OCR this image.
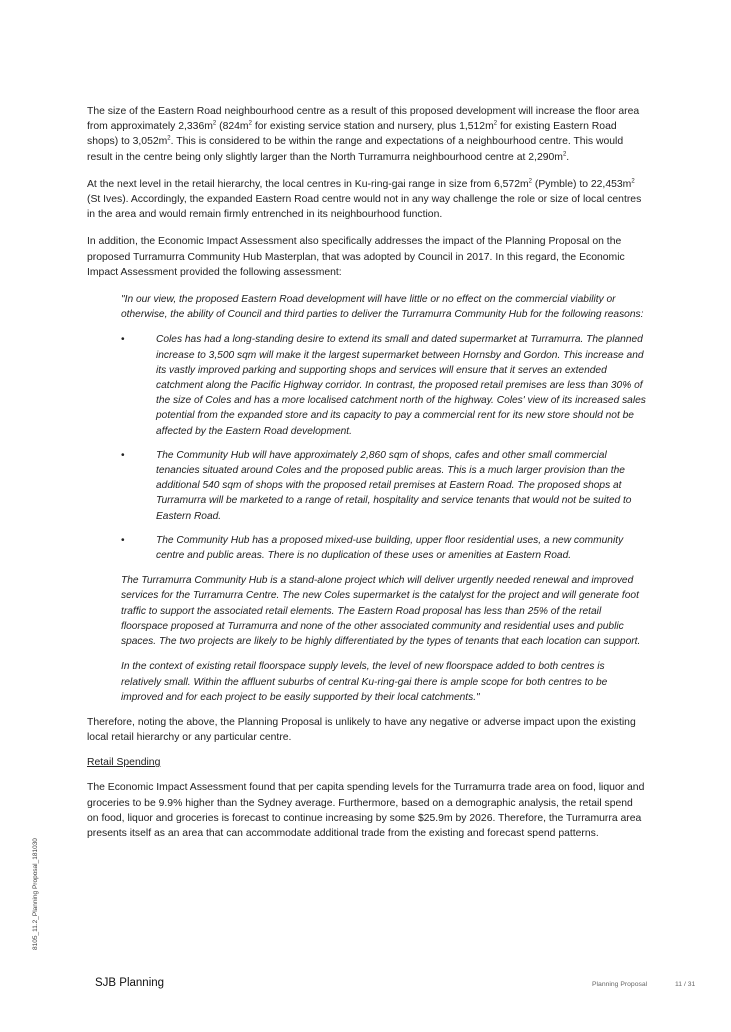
The size of the Eastern Road neighbourhood centre as a result of this proposed development will increase the floor area from approximately $2,336m^2$ ($824m^2$ for existing service station and nursery, plus $1,512m^2$ for existing Eastern Road shops) to $3,052m^2$. This is considered to be within the range and expectations of a neighbourhood centre. This would result in the centre being only slightly larger than the North Turramurra neighbourhood centre at $2,290m^2$.

At the next level in the retail hierarchy, the local centres in Ku-ring-gai range in size from $6,572m^2$ (Pymble) to $22,453m^2$ (St Ives). Accordingly, the expanded Eastern Road centre would not in any way challenge the role or size of local centres in the area and would remain firmly entrenched in its neighbourhood function.

In addition, the Economic Impact Assessment also specifically addresses the impact of the Planning Proposal on the proposed Turramurra Community Hub Masterplan, that was adopted by Council in 2017. In this regard, the Economic Impact Assessment provided the following assessment:

"In our view, the proposed Eastern Road development will have little or no effect on the commercial viability or otherwise, the ability of Council and third parties to deliver the Turramurra Community Hub for the following reasons:

•	Coles has had a long-standing desire to extend its small and dated supermarket at Turramurra. The planned increase to 3,500 sqm will make it the largest supermarket between Hornsby and Gordon. This increase and its vastly improved parking and supporting shops and services will ensure that it serves an extended catchment along the Pacific Highway corridor. In contrast, the proposed retail premises are less than 30% of the size of Coles and has a more localised catchment north of the highway. Coles' view of its increased sales potential from the expanded store and its capacity to pay a commercial rent for its new store should not be affected by the Eastern Road development.
•	The Community Hub will have approximately 2,860 sqm of shops, cafes and other small commercial tenancies situated around Coles and the proposed public areas. This is a much larger provision than the additional 540 sqm of shops with the proposed retail premises at Eastern Road. The proposed shops at Turramurra will be marketed to a range of retail, hospitality and service tenants that would not be suited to Eastern Road.
•	The Community Hub has a proposed mixed-use building, upper floor residential uses, a new community centre and public areas. There is no duplication of these uses or amenities at Eastern Road.

The Turramurra Community Hub is a stand-alone project which will deliver urgently needed renewal and improved services for the Turramurra Centre. The new Coles supermarket is the catalyst for the project and will generate foot traffic to support the associated retail elements. The Eastern Road proposal has less than 25% of the retail floorspace proposed at Turramurra and none of the other associated community and residential uses and public spaces. The two projects are likely to be highly differentiated by the types of tenants that each location can support.

In the context of existing retail floorspace supply levels, the level of new floorspace added to both centres is relatively small. Within the affluent suburbs of central Ku-ring-gai there is ample scope for both centres to be improved and for each project to be easily supported by their local catchments."

Therefore, noting the above, the Planning Proposal is unlikely to have any negative or adverse impact upon the existing local retail hierarchy or any particular centre.

Retail Spending

The Economic Impact Assessment found that per capita spending levels for the Turramurra trade area on food, liquor and groceries to be 9.9% higher than the Sydney average. Furthermore, based on a demographic analysis, the retail spend on food, liquor and groceries is forecast to continue increasing by some $25.9m by 2026. Therefore, the Turramurra area presents itself as an area that can accommodate additional trade from the existing and forecast spend patterns.

8105_11.2_Planning Proposal_181030
SJB Planning	Planning Proposal	11 / 31
